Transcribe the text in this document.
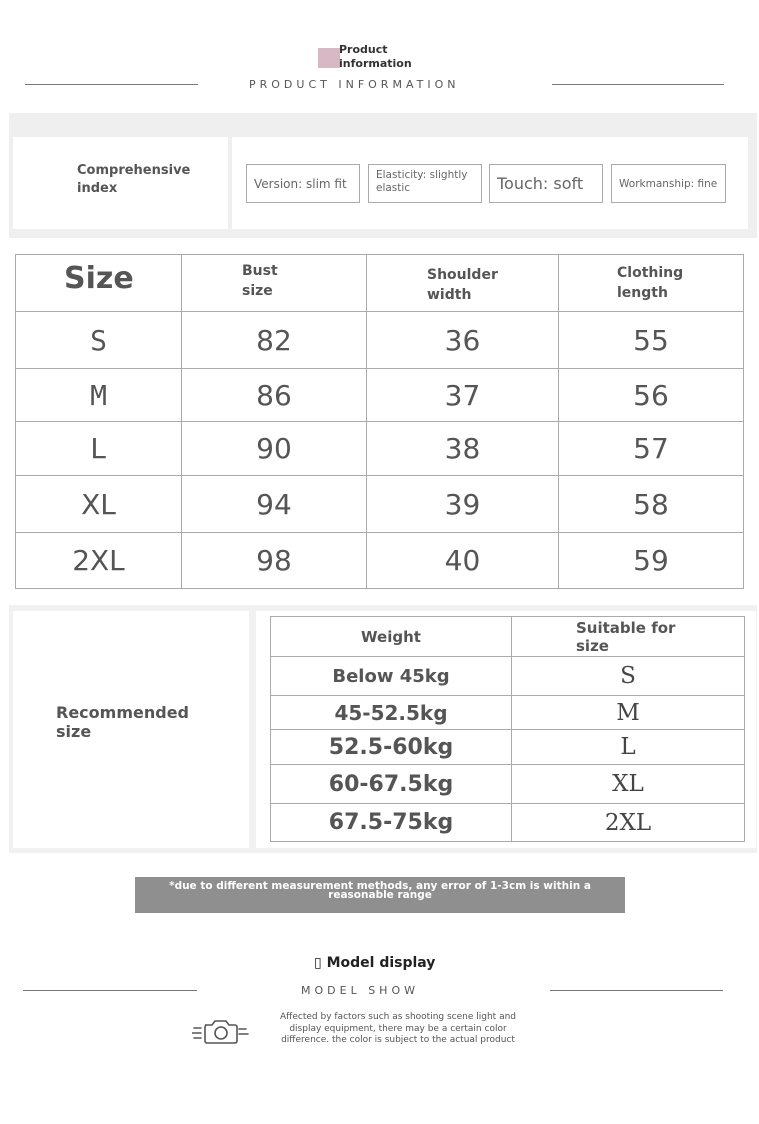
Product information
PRODUCT INFORMATION
Comprehensive index	Version: slim fit
Elasticity: slightly elastic	Touch: soft	Workmanship: fine
Size	Bust size	Shoulder width	Clothing length
S	82	36	55
M	86	37	56
L	90	38	57
XL	94	39	58
2XL	98	40	59
Recommended size
Weight	Suitable for size
Below 45kg	S
45-52.5kg	M
52.5-60kg	L
60-67.5kg	XL
67.5-75kg	2XL
*due to different measurement methods, any error of 1-3cm is within a reasonable range
▯ Model display
MODEL SHOW
Affected by factors such as shooting scene light and display equipment, there may be a certain color difference. the color is subject to the actual product
